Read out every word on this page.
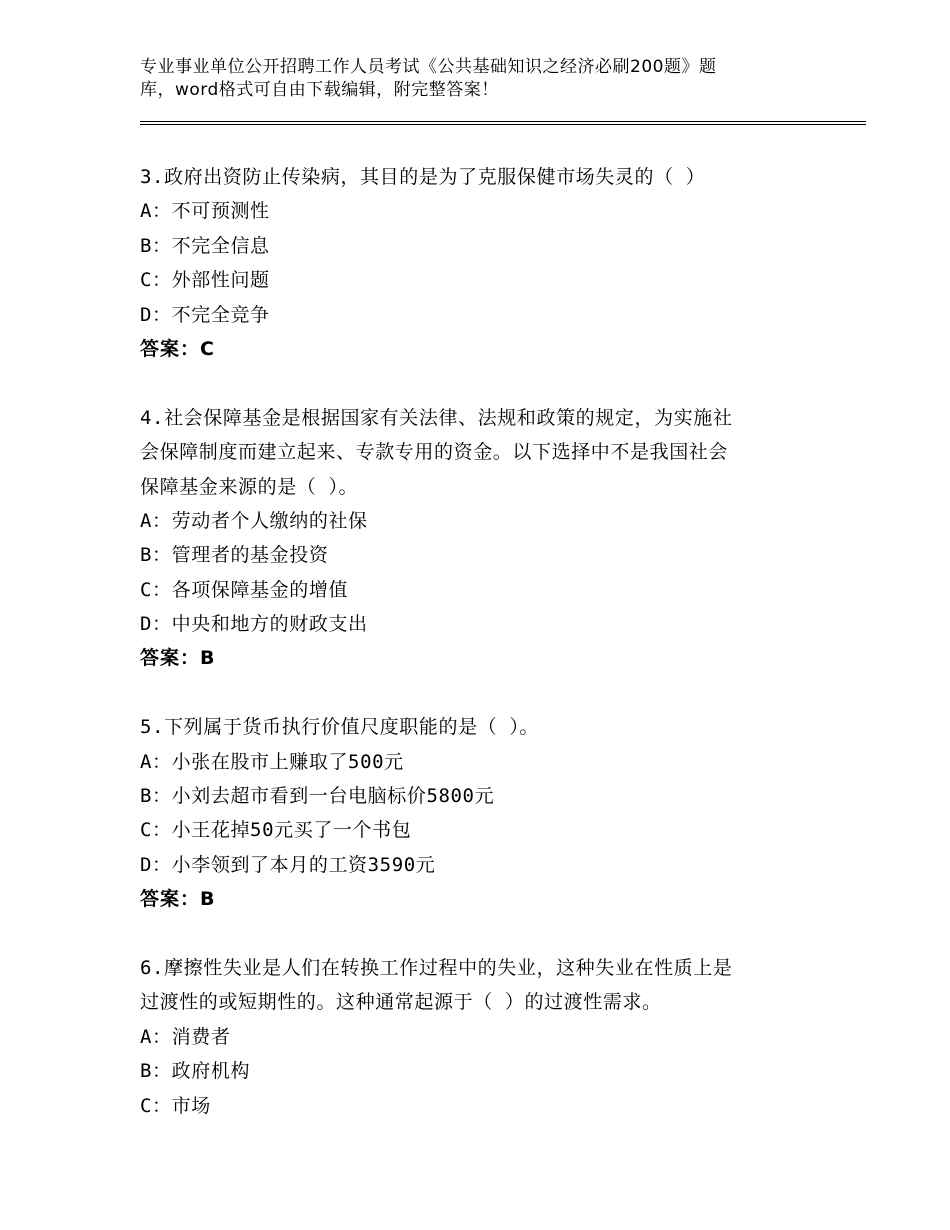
专业事业单位公开招聘工作人员考试《公共基础知识之经济必刷200题》题
库，word格式可自由下载编辑，附完整答案！
3.政府出资防止传染病，其目的是为了克服保健市场失灵的（ ）
A：不可预测性
B：不完全信息
C：外部性问题
D：不完全竞争
答案：C
4.社会保障基金是根据国家有关法律、法规和政策的规定，为实施社
会保障制度而建立起来、专款专用的资金。以下选择中不是我国社会
保障基金来源的是（ ）。
A：劳动者个人缴纳的社保
B：管理者的基金投资
C：各项保障基金的增值
D：中央和地方的财政支出
答案：B
5.下列属于货币执行价值尺度职能的是（ ）。
A：小张在股市上赚取了500元
B：小刘去超市看到一台电脑标价5800元
C：小王花掉50元买了一个书包
D：小李领到了本月的工资3590元
答案：B
6.摩擦性失业是人们在转换工作过程中的失业，这种失业在性质上是
过渡性的或短期性的。这种通常起源于（ ）的过渡性需求。
A：消费者
B：政府机构
C：市场
